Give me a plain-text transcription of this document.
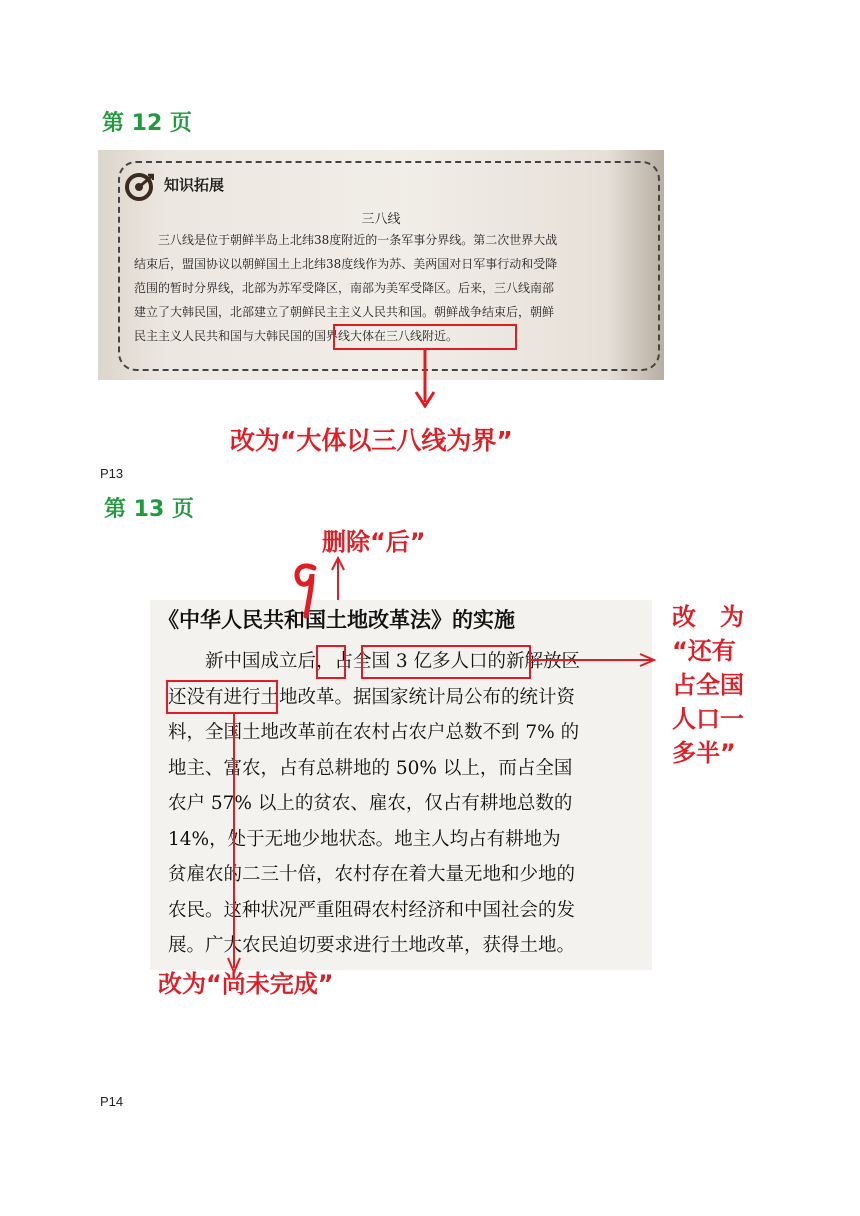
第 12 页
知识拓展
三八线

三八线是位于朝鲜半岛上北纬38度附近的一条军事分界线。第二次世界大战

结束后，盟国协议以朝鲜国土上北纬38度线作为苏、美两国对日军事行动和受降

范围的暂时分界线，北部为苏军受降区，南部为美军受降区。后来，三八线南部

建立了大韩民国，北部建立了朝鲜民主主义人民共和国。朝鲜战争结束后，朝鲜

民主主义人民共和国与大韩民国的国界线大体在三八线附近。

改为“大体以三八线为界”
P13
第 13 页
删除“后”
《中华人民共和国土地改革法》的实施

新中国成立后，占全国 3 亿多人口的新解放区

还没有进行土地改革。据国家统计局公布的统计资

料，全国土地改革前在农村占农户总数不到 7% 的

地主、富农，占有总耕地的 50% 以上，而占全国

农户 57% 以上的贫农、雇农，仅占有耕地总数的

14%，处于无地少地状态。地主人均占有耕地为

贫雇农的二三十倍，农村存在着大量无地和少地的

农民。这种状况严重阻碍农村经济和中国社会的发

展。广大农民迫切要求进行土地改革，获得土地。

改　为
“还有
占全国
人口一
多半”
改为“尚未完成”
P14
